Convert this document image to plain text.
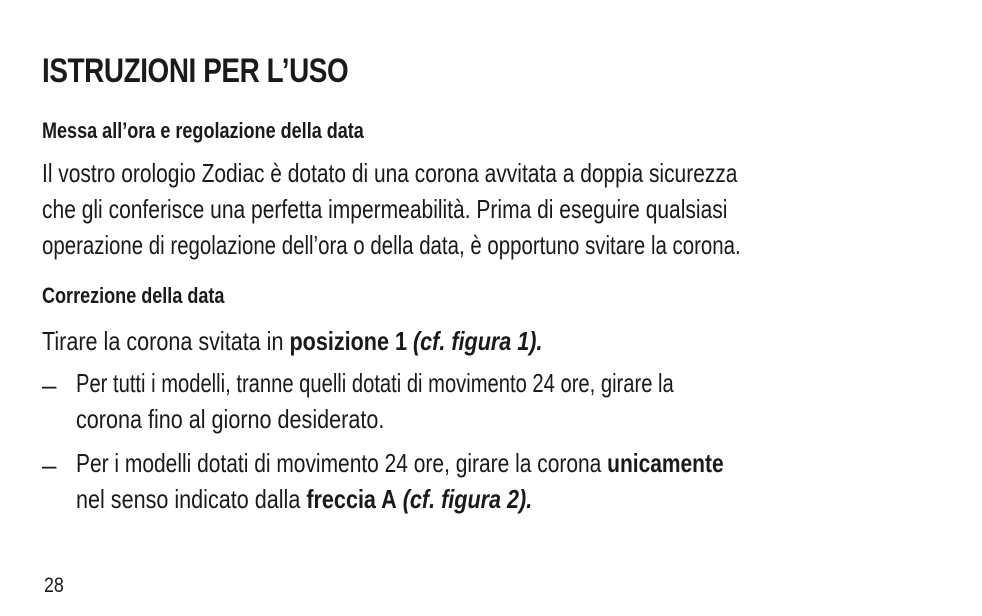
ISTRUZIONI PER L’USO
Messa all’ora e regolazione della data
Il vostro orologio Zodiac è dotato di una corona avvitata a doppia sicurezza
che gli conferisce una perfetta impermeabilità. Prima di eseguire qualsiasi
operazione di regolazione dell’ora o della data, è opportuno svitare la corona.
Correzione della data
Tirare la corona svitata in posizione 1 (cf. figura 1).
– Per tutti i modelli, tranne quelli dotati di movimento 24 ore, girare la
corona fino al giorno desiderato.
– Per i modelli dotati di movimento 24 ore, girare la corona unicamente
nel senso indicato dalla freccia A (cf. figura 2).
28
